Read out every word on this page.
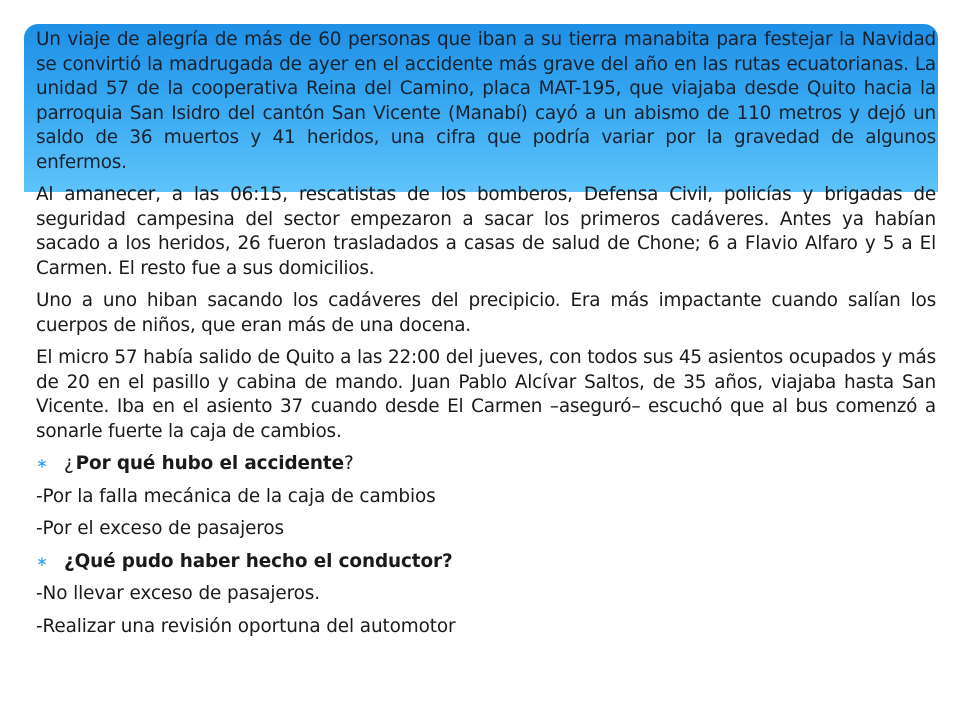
Un viaje de alegría de más de 60 personas que iban a su tierra manabita para festejar la Navidad se convirtió la madrugada de ayer en el accidente más grave del año en las rutas ecuatorianas. La unidad 57 de la cooperativa Reina del Camino, placa MAT-195, que viajaba desde Quito hacia la parroquia San Isidro del cantón San Vicente (Manabí) cayó a un abismo de 110 metros y dejó un saldo de 36 muertos y 41 heridos, una cifra que podría variar por la gravedad de algunos enfermos.

Al amanecer, a las 06:15, rescatistas de los bomberos, Defensa Civil, policías y brigadas de seguridad campesina del sector empezaron a sacar los primeros cadáveres. Antes ya habían sacado a los heridos, 26 fueron trasladados a casas de salud de Chone; 6 a Flavio Alfaro y 5 a El Carmen. El resto fue a sus domicilios.

Uno a uno hiban sacando los cadáveres del precipicio. Era más impactante cuando salían los cuerpos de niños, que eran más de una docena.

El micro 57 había salido de Quito a las 22:00 del jueves, con todos sus 45 asientos ocupados y más de 20 en el pasillo y cabina de mando. Juan Pablo Alcívar Saltos, de 35 años, viajaba hasta San Vicente. Iba en el asiento 37 cuando desde El Carmen –aseguró– escuchó que al bus comenzó a sonarle fuerte la caja de cambios.

∗ ¿ Por qué hubo el accidente ?
-Por la falla mecánica de la caja de cambios
-Por el exceso de pasajeros
∗ ¿Qué pudo haber hecho el conductor?
-No llevar exceso de pasajeros.
-Realizar una revisión oportuna del automotor
